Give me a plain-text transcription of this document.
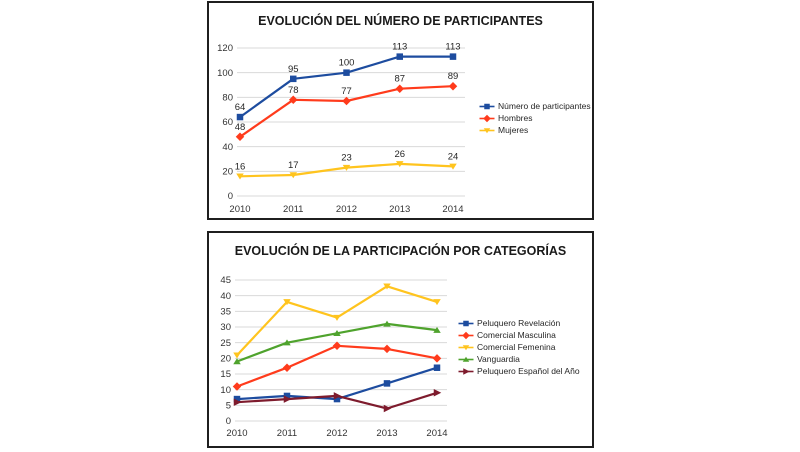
0
20
40
60
80
100
120
2010	2011	2012	2013	2014
64
95
100
113	113
48
78	77
87	89
16	17
23	26	24
EVOLUCIÓN DEL NÚMERO DE PARTICIPANTES
Número de participantes
Hombres
Mujeres
0
5
10
15
20
25
30
35
40
45
2010	2011	2012	2013	2014
EVOLUCIÓN DE LA PARTICIPACIÓN POR CATEGORÍAS
Peluquero Revelación
Comercial Masculina
Comercial Femenina
Vanguardia
Peluquero Español del Año
